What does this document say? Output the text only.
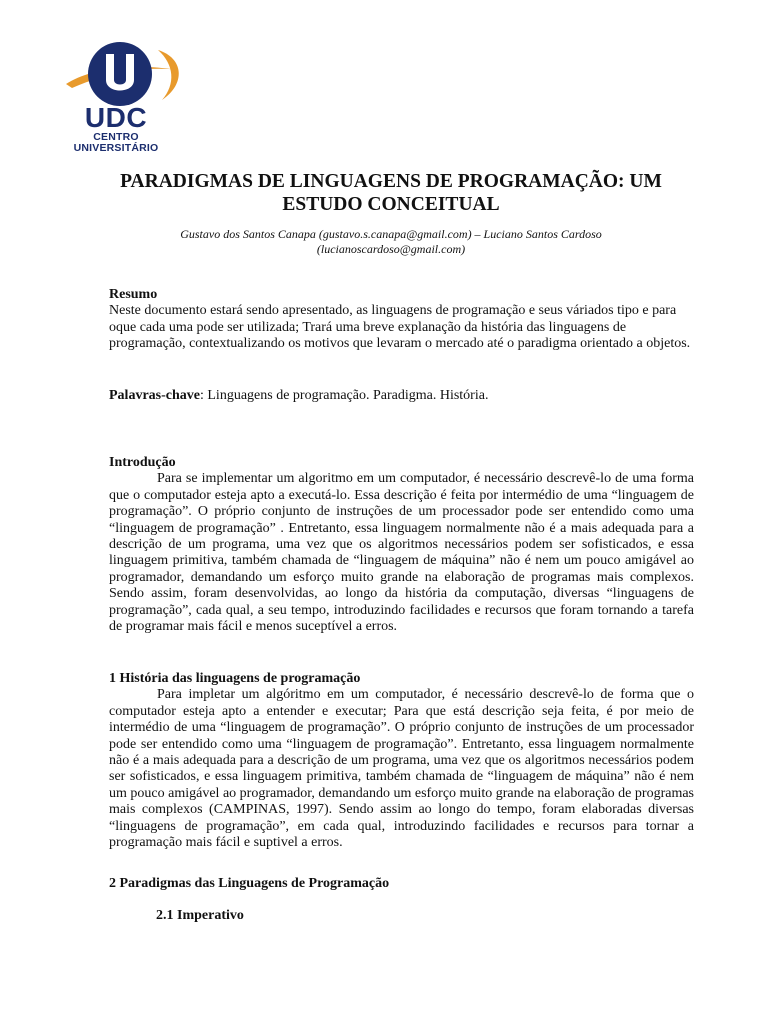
UDC
CENTRO
UNIVERSITÁRIO
PARADIGMAS DE LINGUAGENS DE PROGRAMAÇÃO: UM ESTUDO CONCEITUAL
Gustavo dos Santos Canapa (gustavo.s.canapa@gmail.com) – Luciano Santos Cardoso
(lucianoscardoso@gmail.com)
Resumo

Neste documento estará sendo apresentado, as linguagens de programação e seus váriados tipo e para oque cada uma pode ser utilizada; Trará uma breve explanação da história das linguagens de programação, contextualizando os motivos que levaram o mercado até o paradigma orientado a objetos.

Palavras-chave: Linguagens de programação. Paradigma. História.
Introdução

Para se implementar um algoritmo em um computador, é necessário descrevê-lo de uma forma que o computador esteja apto a executá-lo. Essa descrição é feita por intermédio de uma “linguagem de programação”. O próprio conjunto de instruções de um processador pode ser entendido como uma “linguagem de programação” . Entretanto, essa linguagem normalmente não é a mais adequada para a descrição de um programa, uma vez que os algoritmos necessários podem ser sofisticados, e essa linguagem primitiva, também chamada de “linguagem de máquina” não é nem um pouco amigável ao programador, demandando um esforço muito grande na elaboração de programas mais complexos. Sendo assim, foram desenvolvidas, ao longo da história da computação, diversas “linguagens de programação”, cada qual, a seu tempo, introduzindo facilidades e recursos que foram tornando a tarefa de programar mais fácil e menos suceptível a erros.

1 História das linguagens de programação

Para impletar um algóritmo em um computador, é necessário descrevê-lo de forma que o computador esteja apto a entender e executar; Para que está descrição seja feita, é por meio de intermédio de uma “linguagem de programação”. O próprio conjunto de instruções de um processador pode ser entendido como uma “linguagem de programação”. Entretanto, essa linguagem normalmente não é a mais adequada para a descrição de um programa, uma vez que os algoritmos necessários podem ser sofisticados, e essa linguagem primitiva, também chamada de “linguagem de máquina” não é nem um pouco amigável ao programador, demandando um esforço muito grande na elaboração de programas mais complexos (CAMPINAS, 1997). Sendo assim ao longo do tempo, foram elaboradas diversas “linguagens de programação”, em cada qual, introduzindo facilidades e recursos para tornar a programação mais fácil e suptivel a erros.

2 Paradigmas das Linguagens de Programação
2.1 Imperativo
